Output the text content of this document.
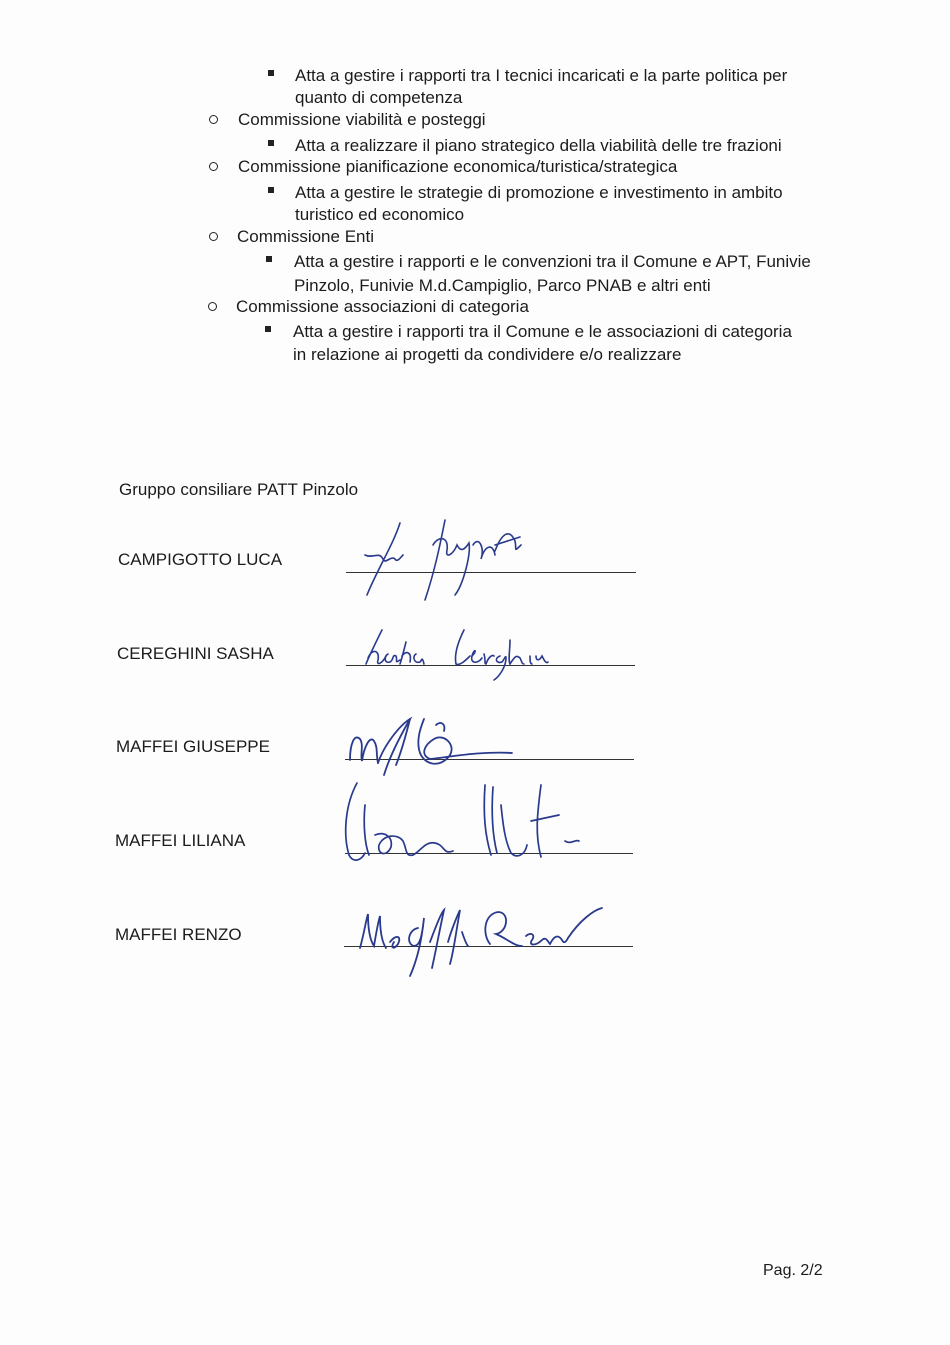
Atta a gestire i rapporti tra I tecnici incaricati e la parte politica per
quanto di competenza
Commissione viabilità e posteggi
Atta a realizzare il piano strategico della viabilità delle tre frazioni
Commissione pianificazione economica/turistica/strategica
Atta a gestire le strategie di promozione e investimento in ambito
turistico ed economico
Commissione Enti
Atta a gestire i rapporti e le convenzioni tra il Comune e APT, Funivie
Pinzolo, Funivie M.d.Campiglio, Parco PNAB e altri enti
Commissione associazioni di categoria
Atta a gestire i rapporti tra il Comune e le associazioni di categoria
in relazione ai progetti da condividere e/o realizzare
Gruppo consiliare PATT Pinzolo
CAMPIGOTTO LUCA
CEREGHINI SASHA
MAFFEI GIUSEPPE
MAFFEI LILIANA
MAFFEI RENZO
Pag. 2/2
